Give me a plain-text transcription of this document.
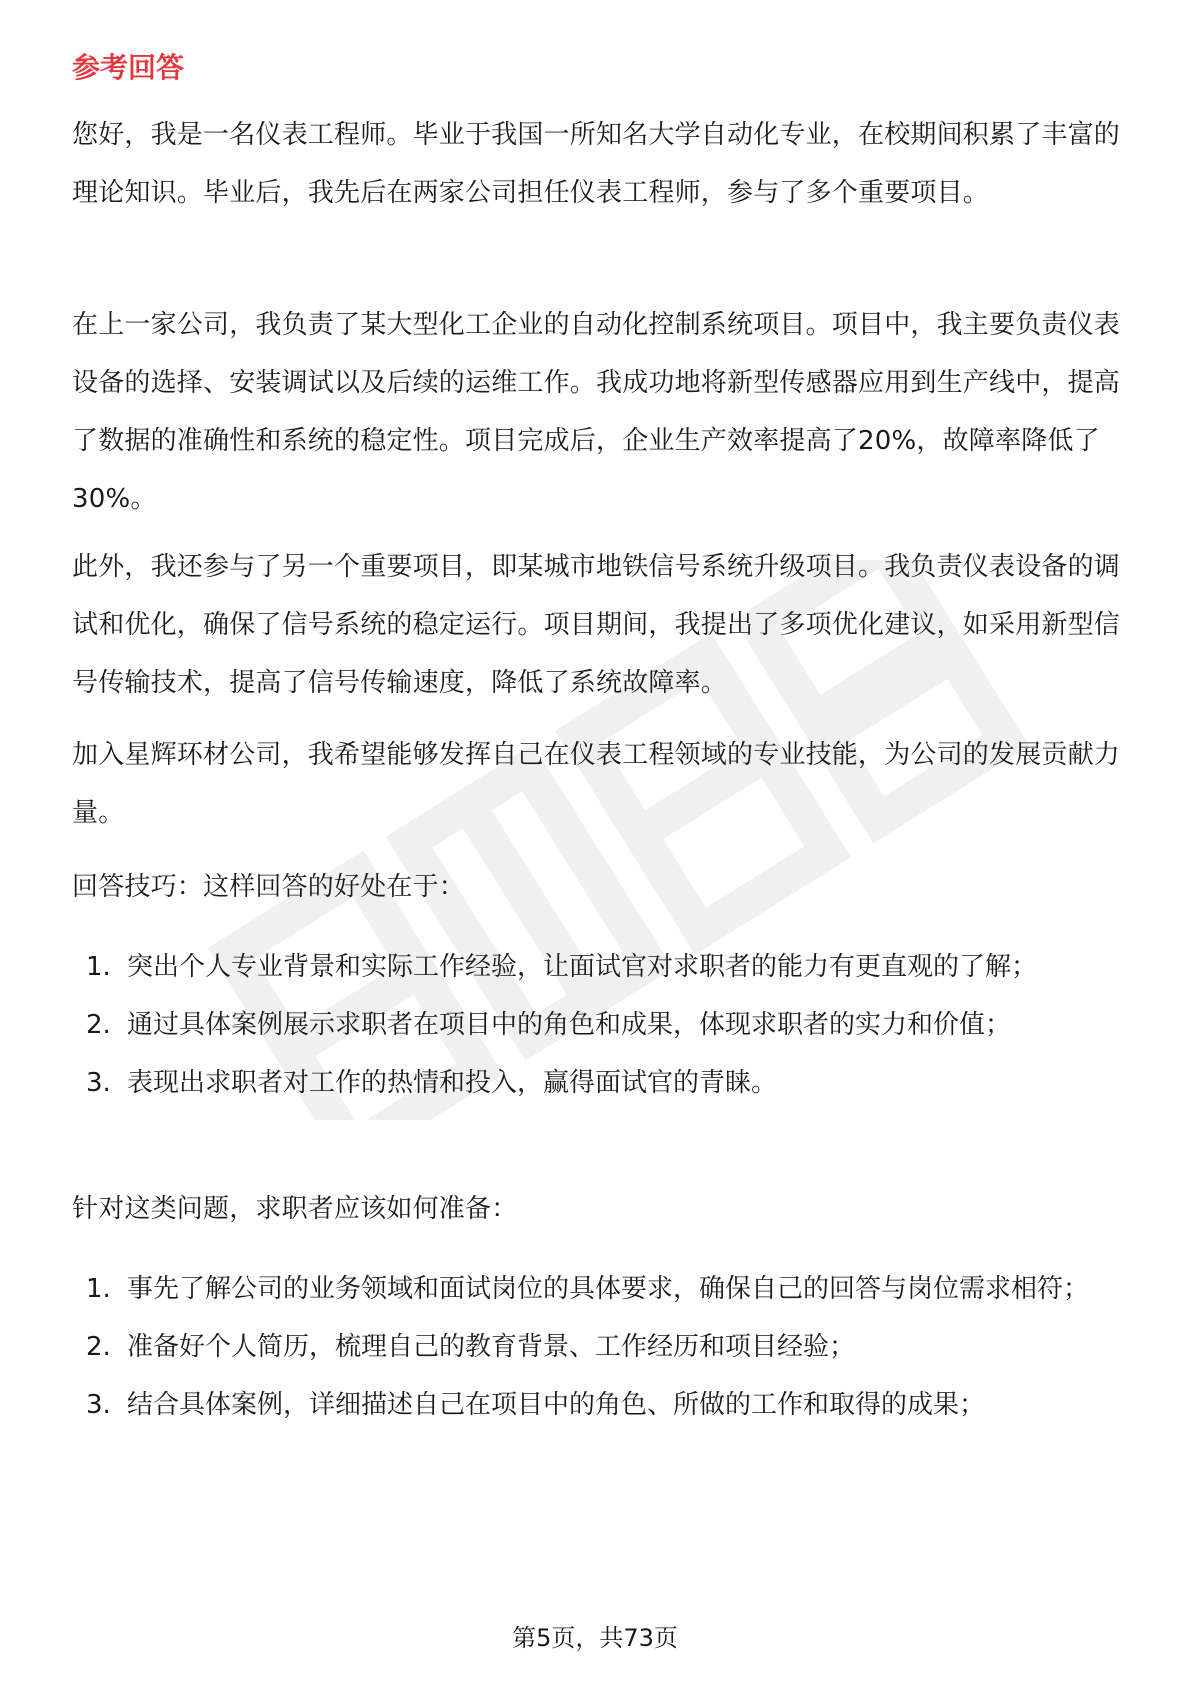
参考回答

您好，我是一名仪表工程师。毕业于我国一所知名大学自动化专业，在校期间积累了丰富的理论知识。毕业后，我先后在两家公司担任仪表工程师，参与了多个重要项目。

在上一家公司，我负责了某大型化工企业的自动化控制系统项目。项目中，我主要负责仪表设备的选择、安装调试以及后续的运维工作。我成功地将新型传感器应用到生产线中，提高了数据的准确性和系统的稳定性。项目完成后，企业生产效率提高了20%，故障率降低了30%。

此外，我还参与了另一个重要项目，即某城市地铁信号系统升级项目。我负责仪表设备的调试和优化，确保了信号系统的稳定运行。项目期间，我提出了多项优化建议，如采用新型信号传输技术，提高了信号传输速度，降低了系统故障率。

加入星辉环材公司，我希望能够发挥自己在仪表工程领域的专业技能，为公司的发展贡献力量。

回答技巧：这样回答的好处在于：

1. 突出个人专业背景和实际工作经验，让面试官对求职者的能力有更直观的了解；
2. 通过具体案例展示求职者在项目中的角色和成果，体现求职者的实力和价值；
3. 表现出求职者对工作的热情和投入，赢得面试官的青睐。

针对这类问题，求职者应该如何准备：

1. 事先了解公司的业务领域和面试岗位的具体要求，确保自己的回答与岗位需求相符；
2. 准备好个人简历，梳理自己的教育背景、工作经历和项目经验；
3. 结合具体案例，详细描述自己在项目中的角色、所做的工作和取得的成果；
第5页，共73页
